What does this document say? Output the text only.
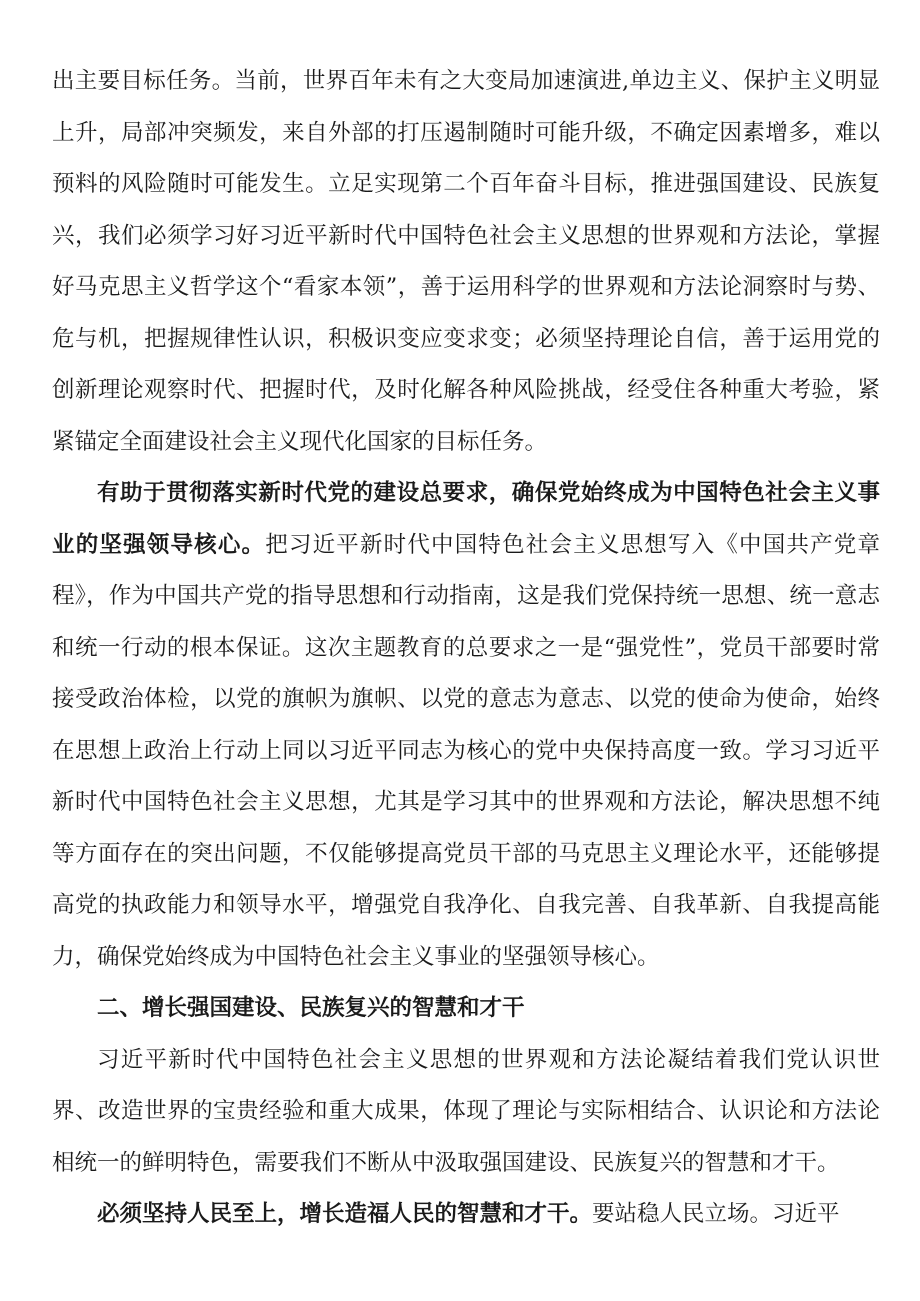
出主要目标任务。当前，世界百年未有之大变局加速演进,单边主义、保护主义明显上升，局部冲突频发，来自外部的打压遏制随时可能升级，不确定因素增多，难以预料的风险随时可能发生。立足实现第二个百年奋斗目标，推进强国建设、民族复兴，我们必须学习好习近平新时代中国特色社会主义思想的世界观和方法论，掌握好马克思主义哲学这个“看家本领”，善于运用科学的世界观和方法论洞察时与势、危与机，把握规律性认识，积极识变应变求变；必须坚持理论自信，善于运用党的创新理论观察时代、把握时代，及时化解各种风险挑战，经受住各种重大考验，紧紧锚定全面建设社会主义现代化国家的目标任务。

有助于贯彻落实新时代党的建设总要求，确保党始终成为中国特色社会主义事业的坚强领导核心。把习近平新时代中国特色社会主义思想写入《中国共产党章程》，作为中国共产党的指导思想和行动指南，这是我们党保持统一思想、统一意志和统一行动的根本保证。这次主题教育的总要求之一是“强党性”，党员干部要时常接受政治体检，以党的旗帜为旗帜、以党的意志为意志、以党的使命为使命，始终在思想上政治上行动上同以习近平同志为核心的党中央保持高度一致。学习习近平新时代中国特色社会主义思想，尤其是学习其中的世界观和方法论，解决思想不纯等方面存在的突出问题，不仅能够提高党员干部的马克思主义理论水平，还能够提高党的执政能力和领导水平，增强党自我净化、自我完善、自我革新、自我提高能力，确保党始终成为中国特色社会主义事业的坚强领导核心。

二、增长强国建设、民族复兴的智慧和才干

习近平新时代中国特色社会主义思想的世界观和方法论凝结着我们党认识世界、改造世界的宝贵经验和重大成果，体现了理论与实际相结合、认识论和方法论相统一的鲜明特色，需要我们不断从中汲取强国建设、民族复兴的智慧和才干。

必须坚持人民至上，增长造福人民的智慧和才干。要站稳人民立场。习近平
